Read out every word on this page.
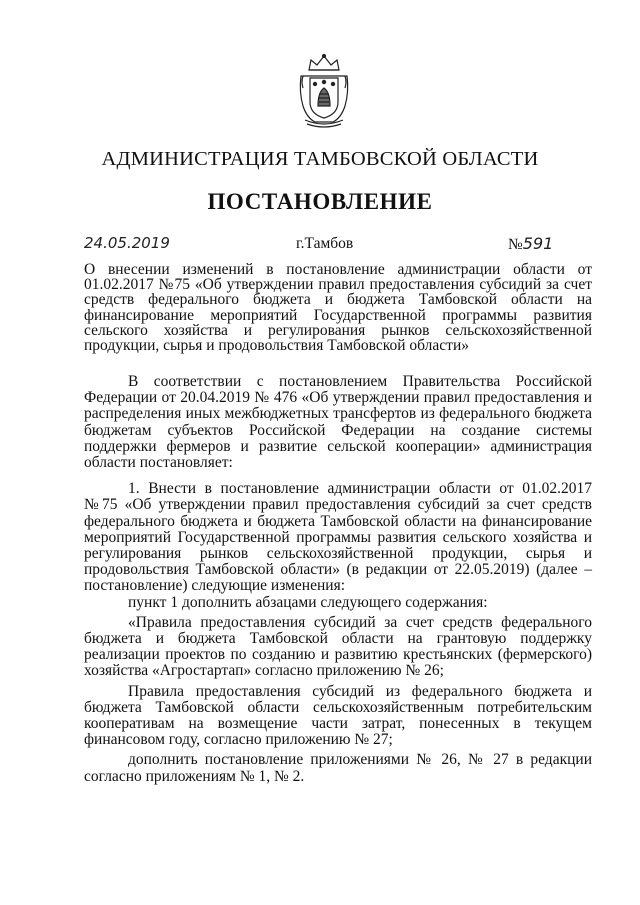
АДМИНИСТРАЦИЯ ТАМБОВСКОЙ ОБЛАСТИ
ПОСТАНОВЛЕНИЕ
24.05.2019	г.Тамбов	№591
О внесении изменений в постановление администрации области от 01.02.2017 №75 «Об утверждении правил предоставления субсидий за счет средств федерального бюджета и бюджета Тамбовской области на финансирование мероприятий Государственной программы развития сельского хозяйства и регулирования рынков сельскохозяйственной продукции, сырья и продовольствия Тамбовской области»

В соответствии с постановлением Правительства Российской Федерации от 20.04.2019 № 476 «Об утверждении правил предоставления и распределения иных межбюджетных трансфертов из федерального бюджета бюджетам субъектов Российской Федерации на создание системы поддержки фермеров и развитие сельской кооперации» администрация области постановляет:

1. Внести в постановление администрации области от 01.02.2017 №75 «Об утверждении правил предоставления субсидий за счет средств федерального бюджета и бюджета Тамбовской области на финансирование мероприятий Государственной программы развития сельского хозяйства и регулирования рынков сельскохозяйственной продукции, сырья и продовольствия Тамбовской области» (в редакции от 22.05.2019) (далее – постановление) следующие изменения:

пункт 1 дополнить абзацами следующего содержания:

«Правила предоставления субсидий за счет средств федерального бюджета и бюджета Тамбовской области на грантовую поддержку реализации проектов по созданию и развитию крестьянских (фермерского) хозяйства «Агростартап» согласно приложению № 26;

Правила предоставления субсидий из федерального бюджета и бюджета Тамбовской области сельскохозяйственным потребительским кооперативам на возмещение части затрат, понесенных в текущем финансовом году, согласно приложению № 27;

дополнить постановление приложениями № 26, № 27 в редакции согласно приложениям № 1, № 2.
